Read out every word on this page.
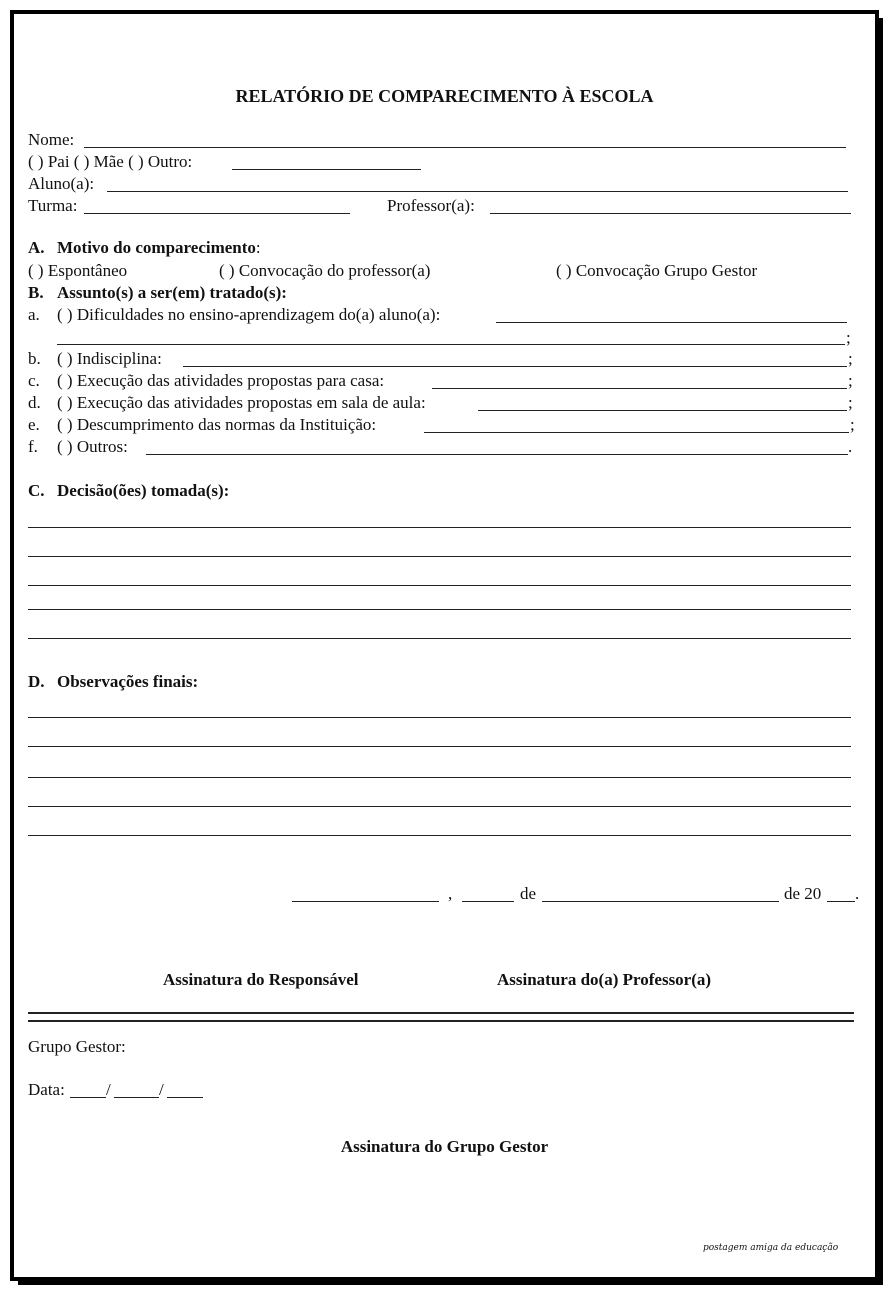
RELATÓRIO DE COMPARECIMENTO À ESCOLA
Nome:
( ) Pai ( ) Mãe ( ) Outro:
Aluno(a):
Turma:	Professor(a):
A. Motivo do comparecimento:
( ) Espontâneo	( ) Convocação do professor(a)	( ) Convocação Grupo Gestor
B. Assunto(s) a ser(em) tratado(s):
a. ( ) Dificuldades no ensino-aprendizagem do(a) aluno(a):
;
b. ( ) Indisciplina:	;
c. ( ) Execução das atividades propostas para casa:	;
d. ( ) Execução das atividades propostas em sala de aula:	;
e. ( ) Descumprimento das normas da Instituição:	;
f. ( ) Outros:	.
C. Decisão(ões) tomada(s):
D. Observações finais:
,	de	de 20 .
Assinatura do Responsável	Assinatura do(a) Professor(a)
Grupo Gestor:
Data: /	/
Assinatura do Grupo Gestor
postagem amiga da educação
